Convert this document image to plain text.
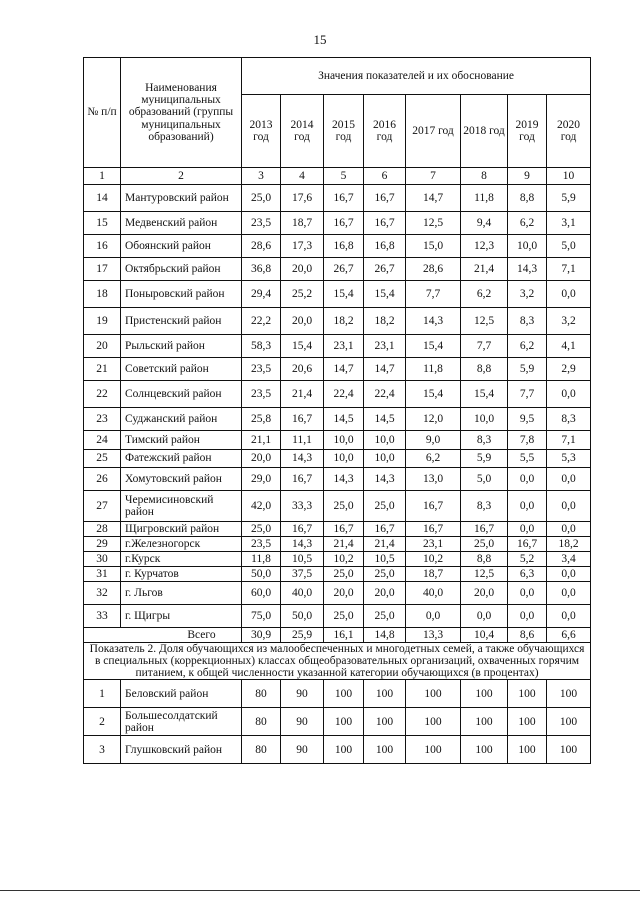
15
№ п/п	Наименования муниципальных образований (группы муниципальных образований)	Значения показателей и их обоснование							
		2013 год	2014 год	2015 год	2016 год	2017 год	2018 год	2019 год	2020 год
1	2	3	4	5	6	7	8	9	10
14	Мантуровский район	25,0	17,6	16,7	16,7	14,7	11,8	8,8	5,9
15	Медвенский район	23,5	18,7	16,7	16,7	12,5	9,4	6,2	3,1
16	Обоянский район	28,6	17,3	16,8	16,8	15,0	12,3	10,0	5,0
17	Октябрьский район	36,8	20,0	26,7	26,7	28,6	21,4	14,3	7,1
18	Поныровский район	29,4	25,2	15,4	15,4	7,7	6,2	3,2	0,0
19	Пристенский район	22,2	20,0	18,2	18,2	14,3	12,5	8,3	3,2
20	Рыльский район	58,3	15,4	23,1	23,1	15,4	7,7	6,2	4,1
21	Советский район	23,5	20,6	14,7	14,7	11,8	8,8	5,9	2,9
22	Солнцевский район	23,5	21,4	22,4	22,4	15,4	15,4	7,7	0,0
23	Суджанский район	25,8	16,7	14,5	14,5	12,0	10,0	9,5	8,3
24	Тимский район	21,1	11,1	10,0	10,0	9,0	8,3	7,8	7,1
25	Фатежский район	20,0	14,3	10,0	10,0	6,2	5,9	5,5	5,3
26	Хомутовский район	29,0	16,7	14,3	14,3	13,0	5,0	0,0	0,0
27	Черемисиновский район	42,0	33,3	25,0	25,0	16,7	8,3	0,0	0,0
28	Щигровский район	25,0	16,7	16,7	16,7	16,7	16,7	0,0	0,0
29	г.Железногорск	23,5	14,3	21,4	21,4	23,1	25,0	16,7	18,2
30	г.Курск	11,8	10,5	10,2	10,5	10,2	8,8	5,2	3,4
31	г. Курчатов	50,0	37,5	25,0	25,0	18,7	12,5	6,3	0,0
32	г. Льгов	60,0	40,0	20,0	20,0	40,0	20,0	0,0	0,0
33	г. Щигры	75,0	50,0	25,0	25,0	0,0	0,0	0,0	0,0
Всего		30,9	25,9	16,1	14,8	13,3	10,4	8,6	6,6
Показатель 2. Доля обучающихся из малообеспеченных и многодетных семей, а также обучающихся в специальных (коррекционных) классах общеобразовательных организаций, охваченных горячим питанием, к общей численности указанной категории обучающихся (в процентах)									
1	Беловский район	80	90	100	100	100	100	100	100
2	Большесолдатский район	80	90	100	100	100	100	100	100
3	Глушковский район	80	90	100	100	100	100	100	100
